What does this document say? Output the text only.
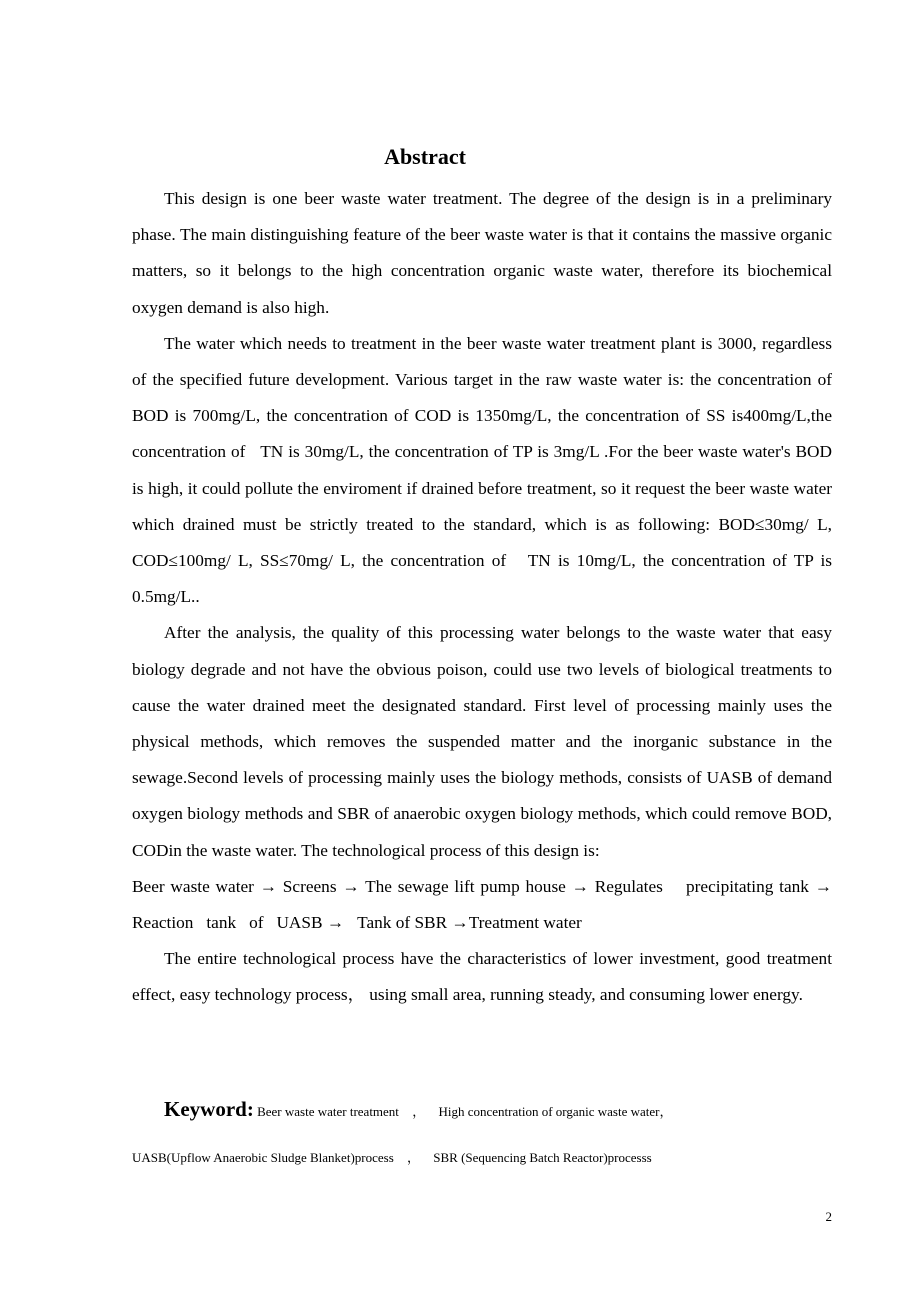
Abstract

This design is one beer waste water treatment. The degree of the design is in a preliminary phase. The main distinguishing feature of the beer waste water is that it contains the massive organic matters, so it belongs to the high concentration organic waste water, therefore its biochemical oxygen demand is also high.

The water which needs to treatment in the beer waste water treatment plant is 3000, regardless of the specified future development. Various target in the raw waste water is: the concentration of BOD is 700mg/L, the concentration of COD is 1350mg/L, the concentration of SS is400mg/L,the concentration of   TN is 30mg/L, the concentration of TP is 3mg/L .For the beer waste water's BOD is high, it could pollute the enviroment if drained before treatment, so it request the beer waste water which drained must be strictly treated to the standard, which is as following: BOD≤30mg/ L, COD≤100mg/ L, SS≤70mg/ L, the concentration of   TN is 10mg/L, the concentration of TP is 0.5mg/L..

After the analysis, the quality of this processing water belongs to the waste water that easy biology degrade and not have the obvious poison, could use two levels of biological treatments to cause the water drained meet the designated standard. First level of processing mainly uses the physical methods, which removes the suspended matter and the inorganic substance in the sewage.Second levels of processing mainly uses the biology methods, consists of UASB of demand oxygen biology methods and SBR of anaerobic oxygen biology methods, which could remove BOD, CODin the waste water. The technological process of this design is:

Beer waste water → Screens → The sewage lift pump house → Regulates    precipitating tank → Reaction   tank   of   UASB →   Tank of SBR →Treatment water

The entire technological process have the characteristics of lower investment, good treatment effect, easy technology process， using small area, running steady, and consuming lower energy.

Keyword: Beer waste water treatment ， High concentration of organic waste water，
UASB(Upflow Anaerobic Sludge Blanket)process ， SBR (Sequencing Batch Reactor)processs
2
